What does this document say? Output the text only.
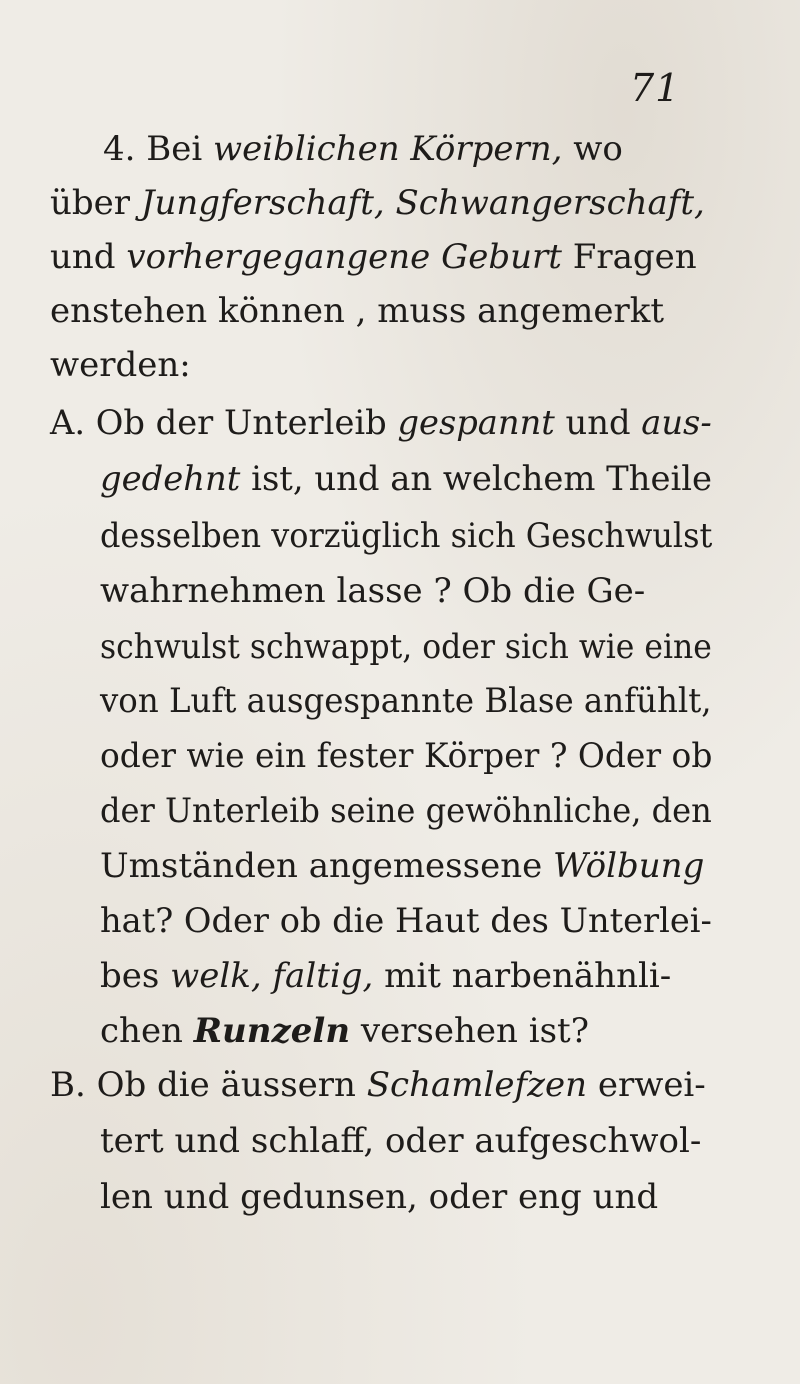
71
4. Bei weiblichen Körpern, wo
über Jungferschaft, Schwangerschaft,
und vorhergegangene Geburt Fragen
enstehen können , muss angemerkt
werden:
A. Ob der Unterleib gespannt und aus-
gedehnt ist, und an welchem Theile
desselben vorzüglich sich Geschwulst
wahrnehmen lasse ? Ob die Ge-
schwulst schwappt, oder sich wie eine
von Luft ausgespannte Blase anfühlt,
oder wie ein fester Körper ? Oder ob
der Unterleib seine gewöhnliche, den
Umständen angemessene Wölbung
hat? Oder ob die Haut des Unterlei-
bes welk, faltig, mit narbenähnli-
chen Runzeln versehen ist?
B. Ob die äussern Schamlefzen erwei-
tert und schlaff, oder aufgeschwol-
len und gedunsen, oder eng und
